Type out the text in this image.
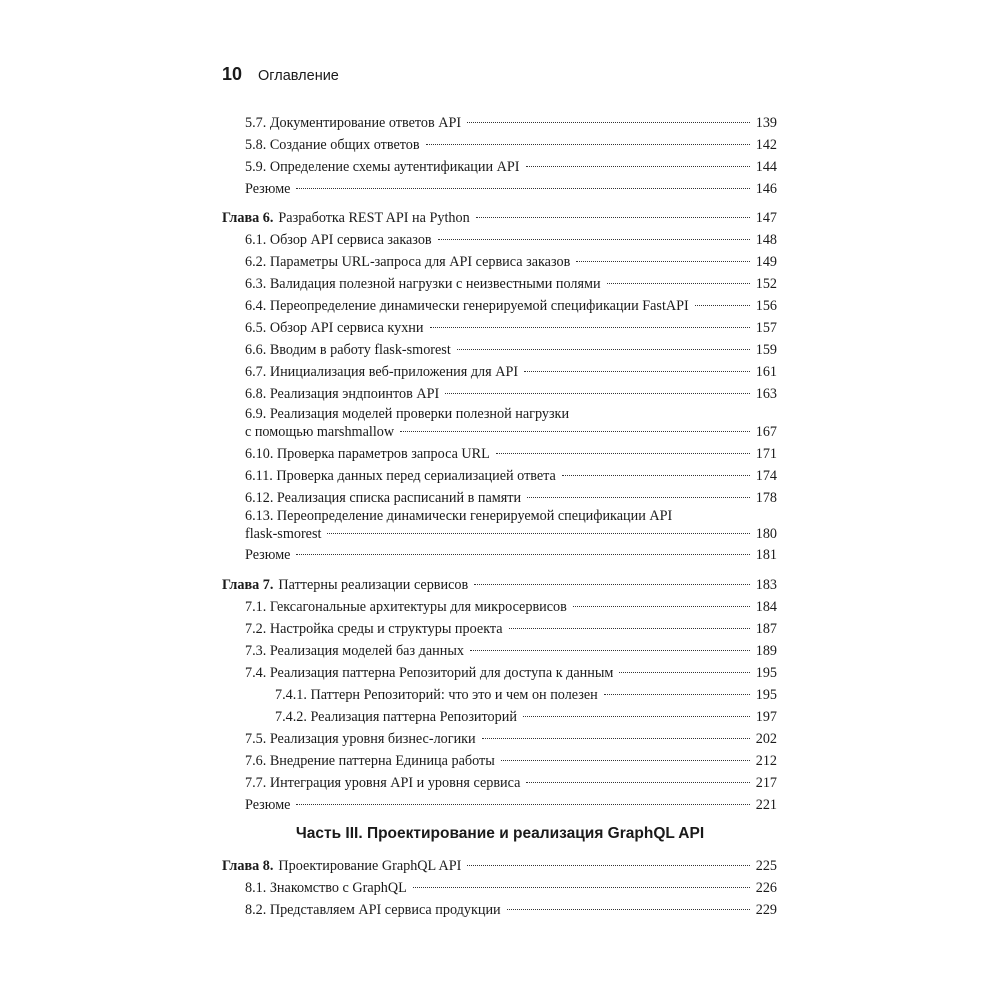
10 Оглавление
5.7. Документирование ответов API	139
5.8. Создание общих ответов	142
5.9. Определение схемы аутентификации API	144
Резюме	146
Глава 6. Разработка REST API на Python	147
6.1. Обзор API сервиса заказов	148
6.2. Параметры URL-запроса для API сервиса заказов	149
6.3. Валидация полезной нагрузки с неизвестными полями	152
6.4. Переопределение динамически генерируемой спецификации FastAPI	156
6.5. Обзор API сервиса кухни	157
6.6. Вводим в работу flask-smorest	159
6.7. Инициализация веб-приложения для API	161
6.8. Реализация эндпоинтов API	163
6.9. Реализация моделей проверки полезной нагрузки
с помощью marshmallow	167
6.10. Проверка параметров запроса URL	171
6.11. Проверка данных перед сериализацией ответа	174
6.12. Реализация списка расписаний в памяти	178
6.13. Переопределение динамически генерируемой спецификации API
flask-smorest	180
Резюме	181
Глава 7. Паттерны реализации сервисов	183
7.1. Гексагональные архитектуры для микросервисов	184
7.2. Настройка среды и структуры проекта	187
7.3. Реализация моделей баз данных	189
7.4. Реализация паттерна Репозиторий для доступа к данным	195
7.4.1. Паттерн Репозиторий: что это и чем он полезен	195
7.4.2. Реализация паттерна Репозиторий	197
7.5. Реализация уровня бизнес-логики	202
7.6. Внедрение паттерна Единица работы	212
7.7. Интеграция уровня API и уровня сервиса	217
Резюме	221
Глава 8. Проектирование GraphQL API	225
8.1. Знакомство с GraphQL	226
8.2. Представляем API сервиса продукции	229
Часть III. Проектирование и реализация GraphQL API
